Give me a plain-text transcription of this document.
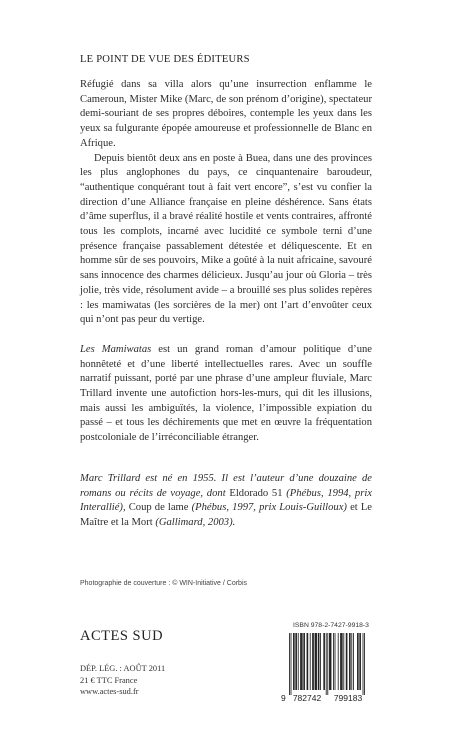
LE POINT DE VUE DES ÉDITEURS

Réfugié dans sa villa alors qu’une insurrection enflamme le Cameroun, Mister Mike (Marc, de son prénom d’origine), spectateur demi-souriant de ses propres déboires, contemple les yeux dans les yeux sa fulgurante épopée amoureuse et professionnelle de Blanc en Afrique.

Depuis bientôt deux ans en poste à Buea, dans une des provinces les plus anglophones du pays, ce cinquantenaire baroudeur, “authentique conquérant tout à fait vert encore”, s’est vu confier la direction d’une Alliance française en pleine déshérence. Sans états d’âme superflus, il a bravé réalité hostile et vents contraires, affronté tous les complots, incarné avec lucidité ce symbole terni d’une présence française passablement détestée et déliquescente. Et en homme sûr de ses pouvoirs, Mike a goûté à la nuit africaine, savouré sans innocence des charmes délicieux. Jusqu’au jour où Gloria – très jolie, très vide, résolument avide – a brouillé ses plus solides repères : les mamiwatas (les sorcières de la mer) ont l’art d’envoûter ceux qui n’ont pas peur du vertige.

Les Mamiwatas est un grand roman d’amour politique d’une honnêteté et d’une liberté intellectuelles rares. Avec un souffle narratif puissant, porté par une phrase d’une ampleur fluviale, Marc Trillard invente une autofiction hors-les-murs, qui dit les illusions, mais aussi les ambiguïtés, la violence, l’impossible expiation du passé – et tous les déchirements que met en œuvre la fréquentation postcoloniale de l’irréconciliable étranger.

Marc Trillard est né en 1955. Il est l’auteur d’une douzaine de romans ou récits de voyage, dont Eldorado 51 (Phébus, 1994, prix Interallié), Coup de lame (Phébus, 1997, prix Louis-Guilloux) et Le Maître et la Mort (Gallimard, 2003).
Photographie de couverture : © WIN-Initiative / Corbis
ACTES SUD
DÉP. LÉG. : AOÛT 2011
21 € TTC France
www.actes-sud.fr
ISBN 978-2-7427-9918-3
9 782742 799183
